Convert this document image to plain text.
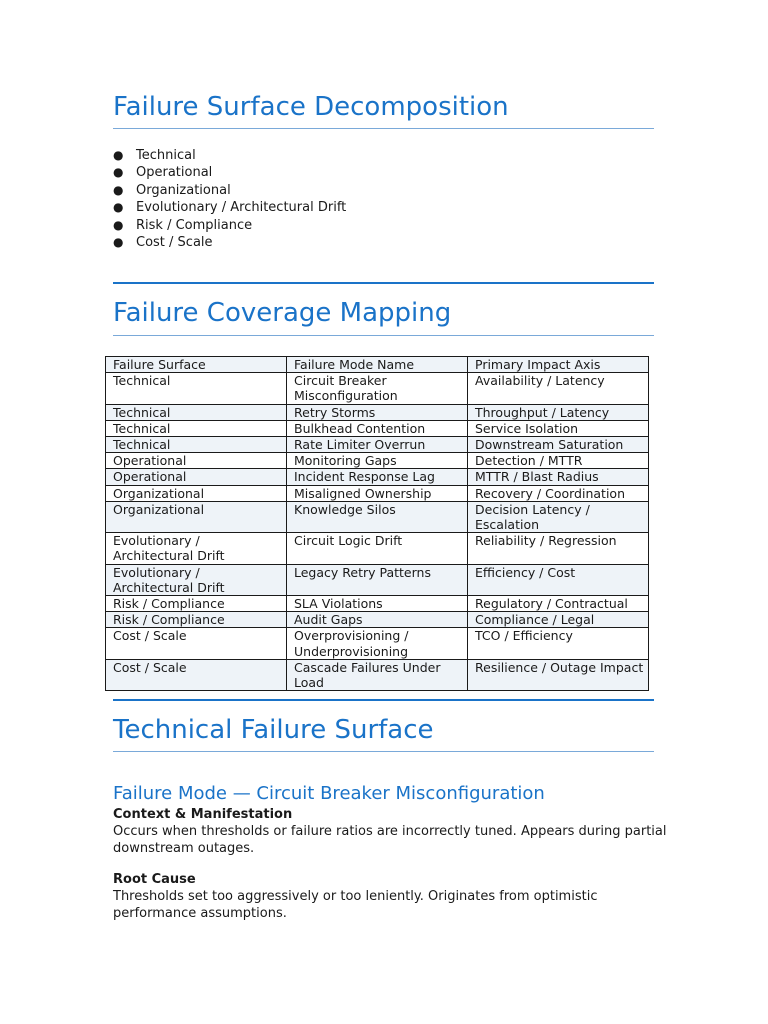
Failure Surface Decomposition
● Technical
● Operational
● Organizational
● Evolutionary / Architectural Drift
● Risk / Compliance
● Cost / Scale
Failure Coverage Mapping
Failure Surface	Failure Mode Name	Primary Impact Axis
Technical	Circuit Breaker Misconfiguration	Availability / Latency
Technical	Retry Storms	Throughput / Latency
Technical	Bulkhead Contention	Service Isolation
Technical	Rate Limiter Overrun	Downstream Saturation
Operational	Monitoring Gaps	Detection / MTTR
Operational	Incident Response Lag	MTTR / Blast Radius
Organizational	Misaligned Ownership	Recovery / Coordination
Organizational	Knowledge Silos	Decision Latency / Escalation
Evolutionary / Architectural Drift	Circuit Logic Drift	Reliability / Regression
Evolutionary / Architectural Drift	Legacy Retry Patterns	Efficiency / Cost
Risk / Compliance	SLA Violations	Regulatory / Contractual
Risk / Compliance	Audit Gaps	Compliance / Legal
Cost / Scale	Overprovisioning / Underprovisioning	TCO / Efficiency
Cost / Scale	Cascade Failures Under Load	Resilience / Outage Impact
Technical Failure Surface
Failure Mode — Circuit Breaker Misconfiguration
Context & Manifestation

Occurs when thresholds or failure ratios are incorrectly tuned. Appears during partial downstream outages.

Root Cause

Thresholds set too aggressively or too leniently. Originates from optimistic performance assumptions.
